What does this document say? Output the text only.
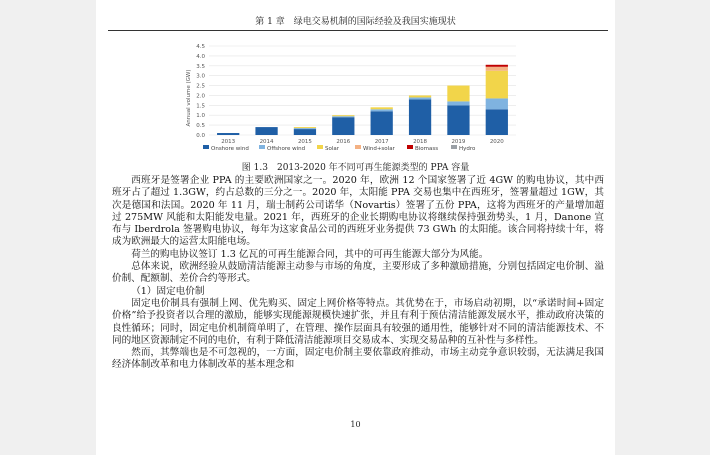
第 1 章　绿电交易机制的国际经验及我国实施现状
Annual volume (GW)
0.0
0.5
1.0
1.5
2.0
2.5
3.0
3.5
4.0
4.5
2013	2014	2015	2016	2017	2018	2019	2020
Onshore wind	Offshore wind	Solar	Wind+solar	Biomass	Hydro
图 1.3　2013-2020 年不同可再生能源类型的 PPA 容量

西班牙是签署企业 PPA 的主要欧洲国家之一。2020 年，欧洲 12 个国家签署了近 4GW 的购电协议，其中西班牙占了超过 1.3GW，约占总数的三分之一。2020 年，太阳能 PPA 交易也集中在西班牙，签署量超过 1GW，其次是德国和法国。2020 年 11 月，瑞士制药公司诺华（Novartis）签署了五份 PPA，这将为西班牙的产量增加超过 275MW 风能和太阳能发电量。2021 年，西班牙的企业长期购电协议将继续保持强劲势头，1 月，Danone 宣布与 Iberdrola 签署购电协议，每年为这家食品公司的西班牙业务提供 73 GWh 的太阳能。该合同将持续十年，将成为欧洲最大的运营太阳能电场。

荷兰的购电协议签订 1.3 亿瓦的可再生能源合同，其中的可再生能源大部分为风能。

总体来说，欧洲经验从鼓励清洁能源主动参与市场的角度，主要形成了多种激励措施，分别包括固定电价制、溢价制、配额制、差价合约等形式。

（1）固定电价制

固定电价制具有强制上网、优先购买、固定上网价格等特点。其优势在于，市场启动初期，以“承诺时间+固定价格”给予投资者以合理的激励，能够实现能源规模快速扩张，并且有利于预估清洁能源发展水平，推动政府决策的良性循环；同时，固定电价机制简单明了，在管理、操作层面具有较强的通用性，能够针对不同的清洁能源技术、不同的地区资源制定不同的电价，有利于降低清洁能源项目交易成本、实现交易品种的互补性与多样性。

然而，其弊端也是不可忽视的，一方面，固定电价制主要依靠政府推动，市场主动竞争意识较弱，无法满足我国经济体制改革和电力体制改革的基本理念和

10
